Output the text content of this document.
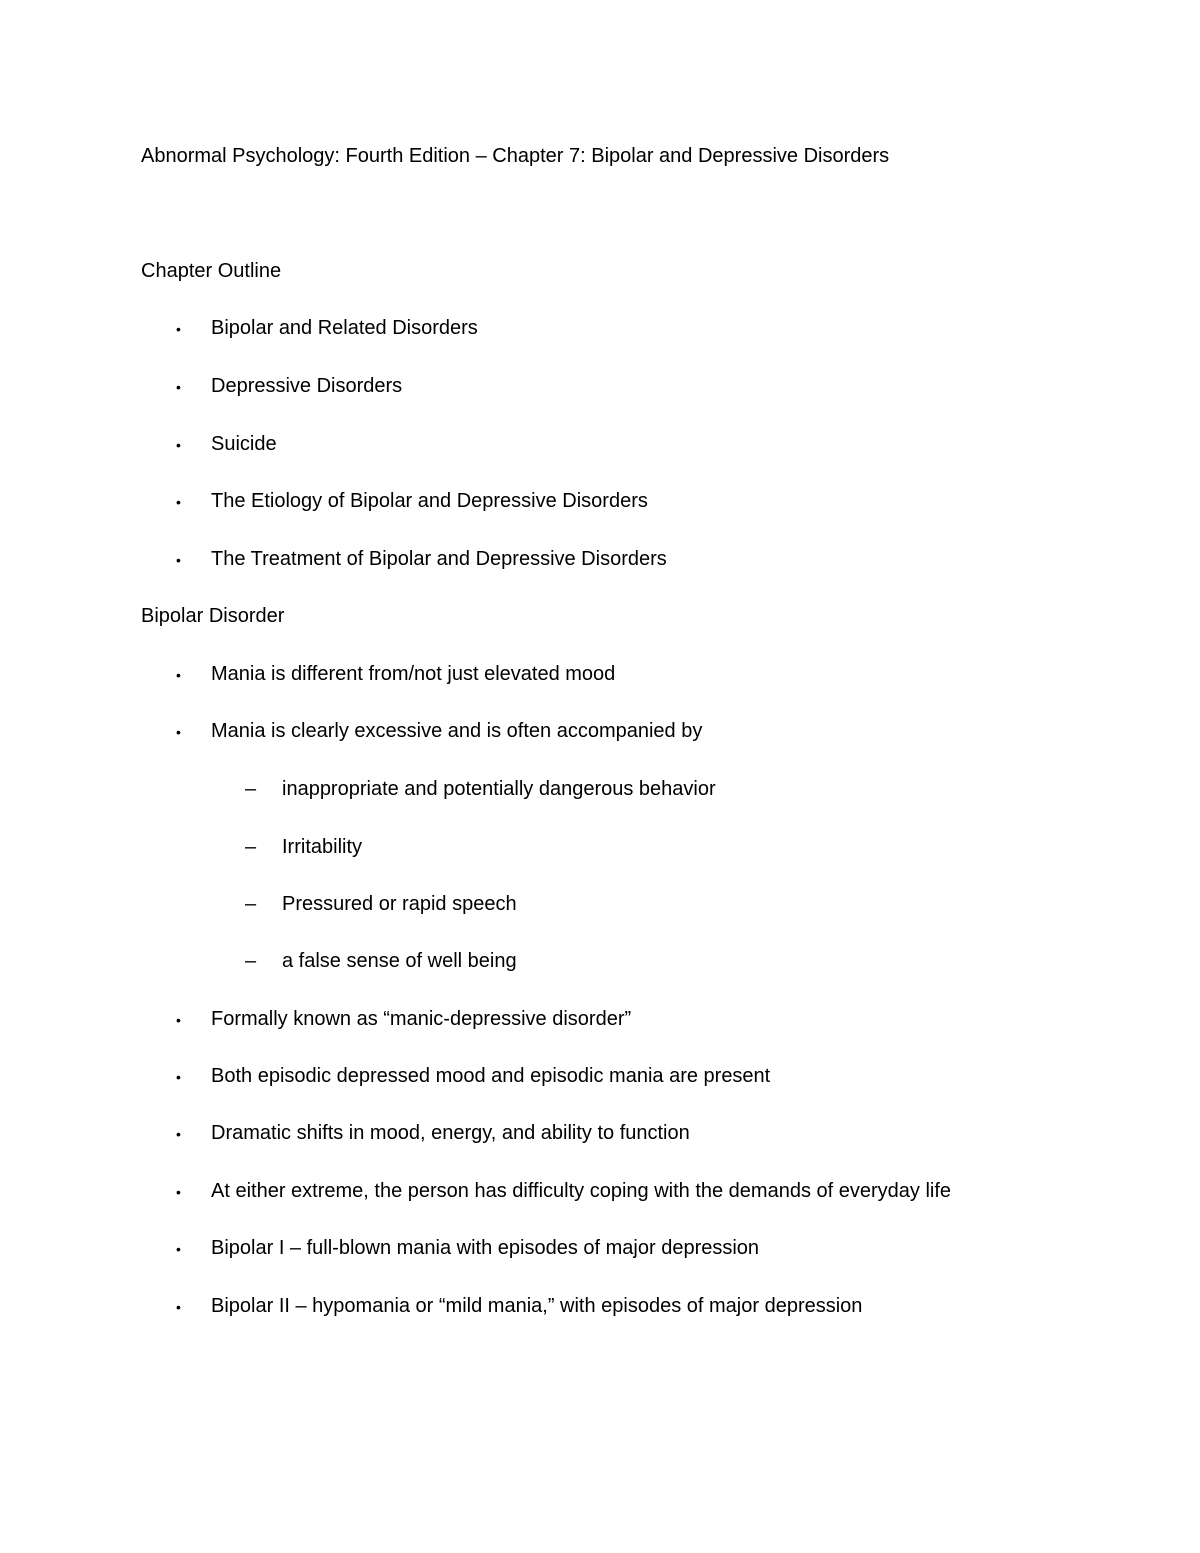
Abnormal Psychology: Fourth Edition – Chapter 7: Bipolar and Depressive Disorders
Chapter Outline
• Bipolar and Related Disorders
• Depressive Disorders
• Suicide
• The Etiology of Bipolar and Depressive Disorders
• The Treatment of Bipolar and Depressive Disorders
Bipolar Disorder
• Mania is different from/not just elevated mood
• Mania is clearly excessive and is often accompanied by
– inappropriate and potentially dangerous behavior
– Irritability
– Pressured or rapid speech
– a false sense of well being
• Formally known as “manic-depressive disorder”
• Both episodic depressed mood and episodic mania are present
• Dramatic shifts in mood, energy, and ability to function
• At either extreme, the person has difficulty coping with the demands of everyday life
• Bipolar I – full-blown mania with episodes of major depression
• Bipolar II – hypomania or “mild mania,” with episodes of major depression
